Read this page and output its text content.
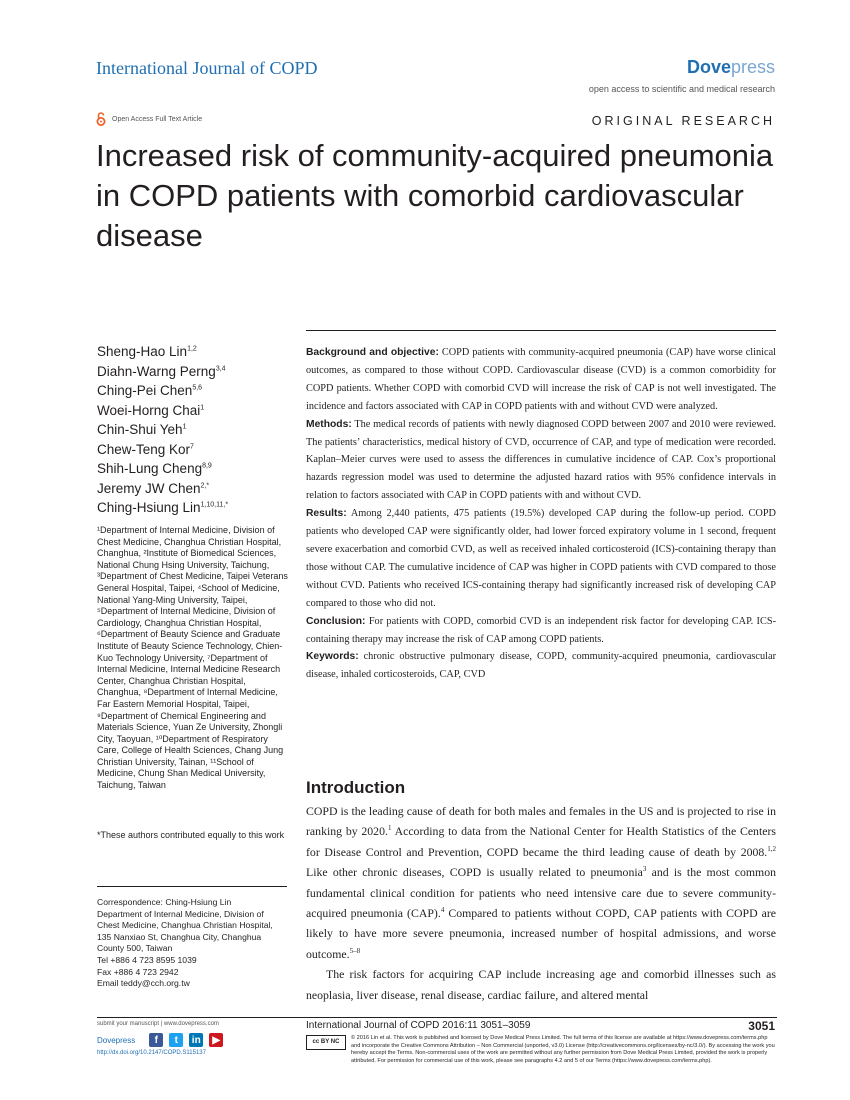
International Journal of COPD	Dovepress
open access to scientific and medical research
Open Access Full Text Article	ORIGINAL RESEARCH
Increased risk of community-acquired pneumonia in COPD patients with comorbid cardiovascular disease
Sheng-Hao Lin$^{1,2}$
Diahn-Warng Perng$^{3,4}$
Ching-Pei Chen$^{5,6}$
Woei-Horng Chai$^1$
Chin-Shui Yeh$^1$
Chew-Teng Kor$^7$
Shih-Lung Cheng$^{8,9}$
Jeremy JW Chen$^{2,*}$
Ching-Hsiung Lin$^{1,10,11,*}$

¹Department of Internal Medicine, Division of Chest Medicine, Changhua Christian Hospital, Changhua, ²Institute of Biomedical Sciences, National Chung Hsing University, Taichung, ³Department of Chest Medicine, Taipei Veterans General Hospital, Taipei, ⁴School of Medicine, National Yang-Ming University, Taipei, ⁵Department of Internal Medicine, Division of Cardiology, Changhua Christian Hospital, ⁶Department of Beauty Science and Graduate Institute of Beauty Science Technology, Chien-Kuo Technology University, ⁷Department of Internal Medicine, Internal Medicine Research Center, Changhua Christian Hospital, Changhua, ⁸Department of Internal Medicine, Far Eastern Memorial Hospital, Taipei, ⁹Department of Chemical Engineering and Materials Science, Yuan Ze University, Zhongli City, Taoyuan, ¹⁰Department of Respiratory Care, College of Health Sciences, Chang Jung Christian University, Tainan, ¹¹School of Medicine, Chung Shan Medical University, Taichung, Taiwan

*These authors contributed equally to this work
Correspondence: Ching-Hsiung Lin
Department of Internal Medicine, Division of
Chest Medicine, Changhua Christian Hospital,
135 Nanxiao St, Changhua City, Changhua
County 500, Taiwan
Tel +886 4 723 8595 1039
Fax +886 4 723 2942
Email teddy@cch.org.tw

Background and objective: COPD patients with community-acquired pneumonia (CAP) have worse clinical outcomes, as compared to those without COPD. Cardiovascular disease (CVD) is a common comorbidity for COPD patients. Whether COPD with comorbid CVD will increase the risk of CAP is not well investigated. The incidence and factors associated with CAP in COPD patients with and without CVD were analyzed.

Methods: The medical records of patients with newly diagnosed COPD between 2007 and 2010 were reviewed. The patients’ characteristics, medical history of CVD, occurrence of CAP, and type of medication were recorded. Kaplan–Meier curves were used to assess the differences in cumulative incidence of CAP. Cox’s proportional hazards regression model was used to determine the adjusted hazard ratios with 95% confidence intervals in relation to factors associated with CAP in COPD patients with and without CVD.

Results: Among 2,440 patients, 475 patients (19.5%) developed CAP during the follow-up period. COPD patients who developed CAP were significantly older, had lower forced expiratory volume in 1 second, frequent severe exacerbation and comorbid CVD, as well as received inhaled corticosteroid (ICS)-containing therapy than those without CAP. The cumulative incidence of CAP was higher in COPD patients with CVD compared to those without CVD. Patients who received ICS-containing therapy had significantly increased risk of developing CAP compared to those who did not.

Conclusion: For patients with COPD, comorbid CVD is an independent risk factor for developing CAP. ICS-containing therapy may increase the risk of CAP among COPD patients.

Keywords: chronic obstructive pulmonary disease, COPD, community-acquired pneumonia, cardiovascular disease, inhaled corticosteroids, CAP, CVD

Introduction

COPD is the leading cause of death for both males and females in the US and is projected to rise in ranking by 2020.$^1$ According to data from the National Center for Health Statistics of the Centers for Disease Control and Prevention, COPD became the third leading cause of death by 2008.$^{1,2}$ Like other chronic diseases, COPD is usually related to pneumonia$^3$ and is the most common fundamental clinical condition for patients who need intensive care due to severe community-acquired pneumonia (CAP).$^4$ Compared to patients without COPD, CAP patients with COPD are likely to have more severe pneumonia, increased number of hospital admissions, and worse outcome.$^{5-8}$

The risk factors for acquiring CAP include increasing age and comorbid illnesses such as neoplasia, liver disease, renal disease, cardiac failure, and altered mental

submit your manuscript | www.dovepress.com
Dovepress	f	t	in	▶
http://dx.doi.org/10.2147/COPD.S115137
International Journal of COPD 2016:11 3051–3059	3051
cc BY NC
© 2016 Lin et al. This work is published and licensed by Dove Medical Press Limited. The full terms of this license are available at https://www.dovepress.com/terms.php and incorporate the Creative Commons Attribution – Non Commercial (unported, v3.0) License (http://creativecommons.org/licenses/by-nc/3.0/). By accessing the work you hereby accept the Terms. Non-commercial uses of the work are permitted without any further permission from Dove Medical Press Limited, provided the work is properly attributed. For permission for commercial use of this work, please see paragraphs 4.2 and 5 of our Terms (https://www.dovepress.com/terms.php).
